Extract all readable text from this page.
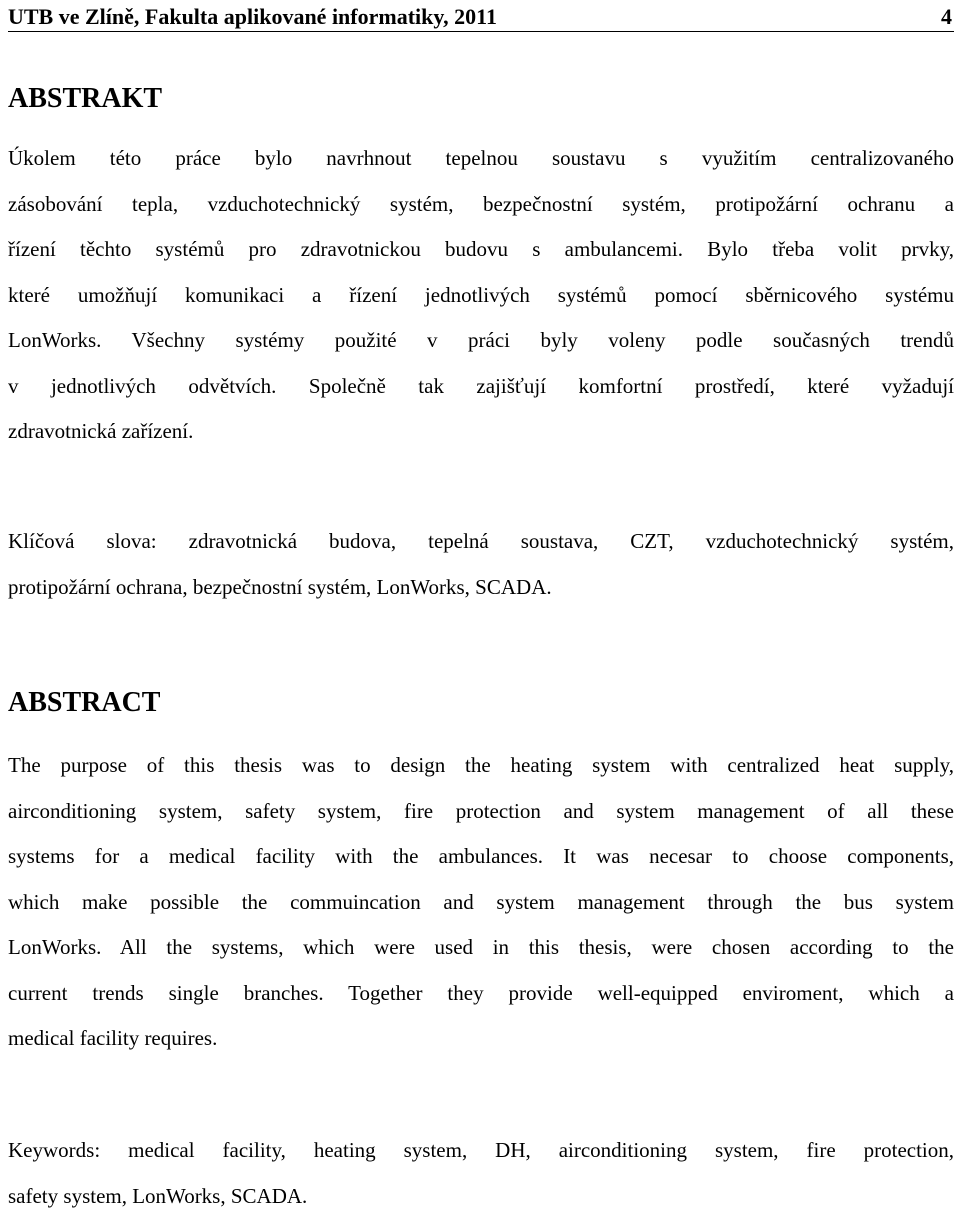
UTB ve Zlíně, Fakulta aplikované informatiky, 2011	4
ABSTRAKT

Úkolem této práce bylo navrhnout tepelnou soustavu s využitím centralizovaného
zásobování tepla, vzduchotechnický systém, bezpečnostní systém, protipožární ochranu a
řízení těchto systémů pro zdravotnickou budovu s ambulancemi. Bylo třeba volit prvky,
které umožňují komunikaci a řízení jednotlivých systémů pomocí sběrnicového systému
LonWorks. Všechny systémy použité v práci byly voleny podle současných trendů
v jednotlivých odvětvích. Společně tak zajišťují komfortní prostředí, které vyžadují
zdravotnická zařízení.

Klíčová slova: zdravotnická budova, tepelná soustava, CZT, vzduchotechnický systém,
protipožární ochrana, bezpečnostní systém, LonWorks, SCADA.

ABSTRACT

The purpose of this thesis was to design the heating system with centralized heat supply,
airconditioning system, safety system, fire protection and system management of all these
systems for a medical facility with the ambulances. It was necesar to choose components,
which make possible the commuincation and system management through the bus system
LonWorks. All the systems, which were used in this thesis, were chosen according to the
current trends single branches. Together they provide well-equipped enviroment, which a
medical facility requires.

Keywords: medical facility, heating system, DH, airconditioning system, fire protection,
safety system, LonWorks, SCADA.
